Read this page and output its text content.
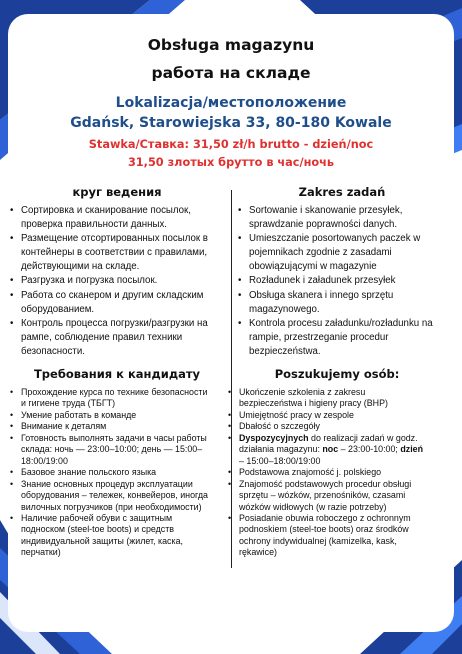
Obsługa magazynu
работа на складе
Lokalizacja/местоположение
Gdańsk, Starowiejska 33, 80-180 Kowale
Stawka/Ставка: 31,50 zł/h brutto - dzień/noc
31,50 злотых брутто в час/ночь
круг ведения
• Сортировка и сканирование посылок,
проверка правильности данных.
• Размещение отсортированных посылок в
контейнеры в соответствии с правилами,
действующими на складе.
• Разгрузка и погрузка посылок.
• Работа со сканером и другим складским
оборудованием.
• Контроль процесса погрузки/разгрузки на
рампе, соблюдение правил техники
безопасности.
Zakres zadań
• Sortowanie i skanowanie przesyłek,
sprawdzanie poprawności danych.
• Umieszczanie posortowanych paczek w
pojemnikach zgodnie z zasadami
obowiązującymi w magazynie
• Rozładunek i załadunek przesyłek
• Obsługa skanera i innego sprzętu
magazynowego.
• Kontrola procesu załadunku/rozładunku na
rampie, przestrzeganie procedur
bezpieczeństwa.
Требования к кандидату
• Прохождение курса по технике безопасности
и гигиене труда (ТБГТ)
• Умение работать в команде
• Внимание к деталям
• Готовность выполнять задачи в часы работы
склада: ночь — 23:00–10:00; день — 15:00–
18:00/19:00
• Базовое знание польского языка
• Знание основных процедур эксплуатации
оборудования – тележек, конвейеров, иногда
вилочных погрузчиков (при необходимости)
• Наличие рабочей обуви с защитным
подноском (steel-toe boots) и средств
индивидуальной защиты (жилет, каска,
перчатки)
Poszukujemy osób:
• Ukończenie szkolenia z zakresu
bezpieczeństwa i higieny pracy (BHP)
• Umiejętność pracy w zespole
• Dbałość o szczegóły
• Dyspozycyjnych do realizacji zadań w godz.
działania magazynu: noc – 23:00-10:00; dzień
– 15:00–18:00/19:00
• Podstawowa znajomość j. polskiego
• Znajomość podstawowych procedur obsługi
sprzętu – wózków, przenośników, czasami
wózków widłowych (w razie potrzeby)
• Posiadanie obuwia roboczego z ochronnym
podnoskiem (steel-toe boots) oraz środków
ochrony indywidualnej (kamizelka, kask,
rękawice)
